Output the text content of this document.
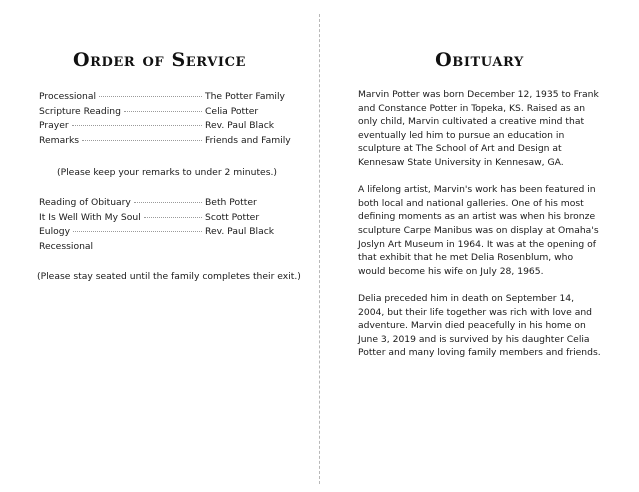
Order of Service
Processional	The Potter Family
Scripture Reading	Celia Potter
Prayer	Rev. Paul Black
Remarks	Friends and Family
(Please keep your remarks to under 2 minutes.)
Reading of Obituary	Beth Potter
It Is Well With My Soul	Scott Potter
Eulogy	Rev. Paul Black
Recessional
(Please stay seated until the family completes their exit.)
Obituary

Marvin Potter was born December 12, 1935 to Frank and Constance Potter in Topeka, KS. Raised as an only child, Marvin cultivated a creative mind that eventually led him to pursue an education in sculpture at The School of Art and Design at Kennesaw State University in Kennesaw, GA.

A lifelong artist, Marvin's work has been featured in both local and national galleries. One of his most defining moments as an artist was when his bronze sculpture Carpe Manibus was on display at Omaha's Joslyn Art Museum in 1964. It was at the opening of that exhibit that he met Delia Rosenblum, who would become his wife on July 28, 1965.

Delia preceded him in death on September 14, 2004, but their life together was rich with love and adventure. Marvin died peacefully in his home on June 3, 2019 and is survived by his daughter Celia Potter and many loving family members and friends.
